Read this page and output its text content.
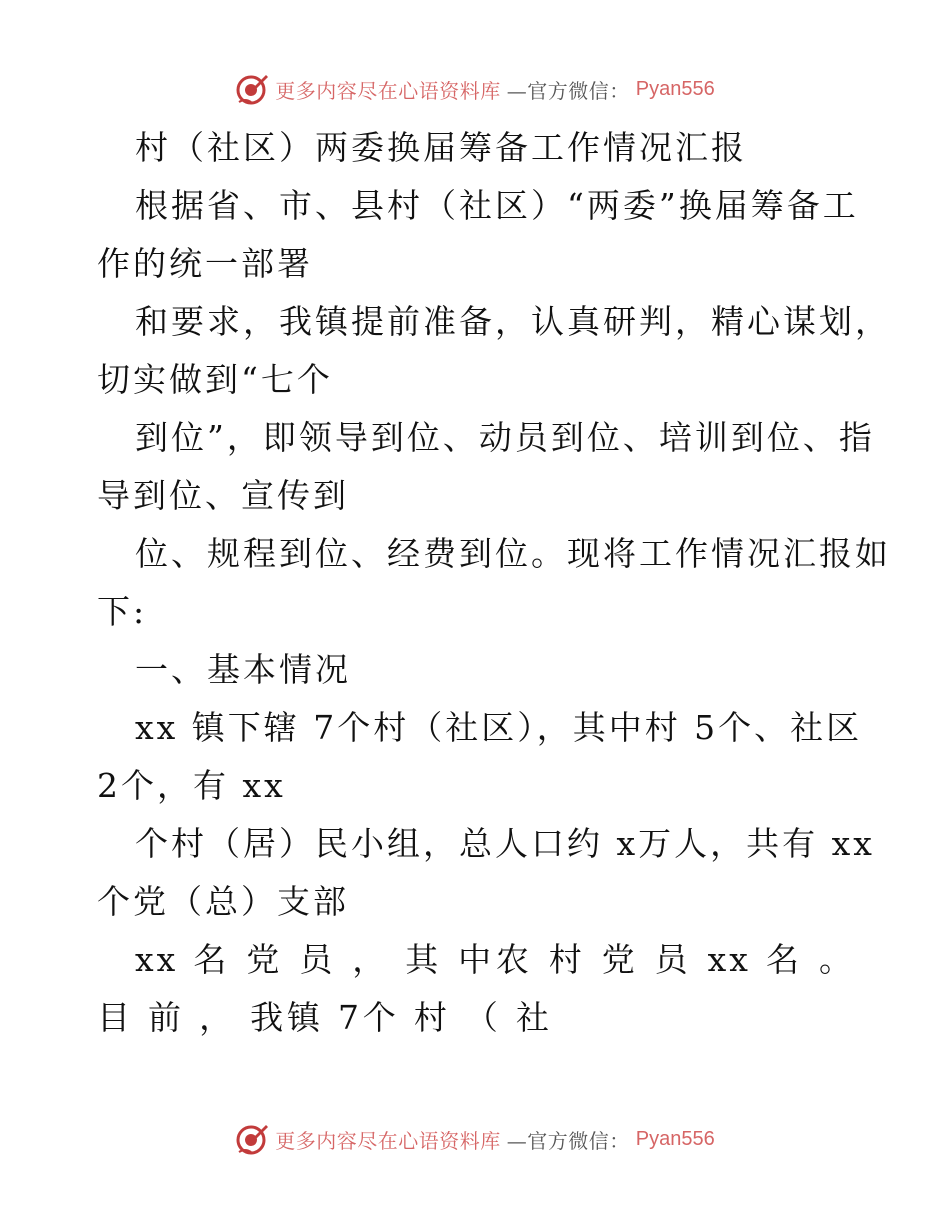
更多内容尽在心语资料库 —官方微信： Pyan556
村（社区）两委换届筹备工作情况汇报
根据省、市、县村（社区）“两委”换届筹备工
作的统一部署
和要求，我镇提前准备，认真研判，精心谋划，
切实做到“七个
到位”，即领导到位、动员到位、培训到位、指
导到位、宣传到
位、规程到位、经费到位。现将工作情况汇报如
下:
一、基本情况
xx 镇下辖 7个村（社区），其中村 5个、社区
2个，有 xx
个村（居）民小组，总人口约 x万人，共有 xx
个党（总）支部
xx 名 党 员 ， 其 中农 村 党 员 xx 名 。
目 前 ， 我镇 7个 村 （ 社
更多内容尽在心语资料库 —官方微信： Pyan556
